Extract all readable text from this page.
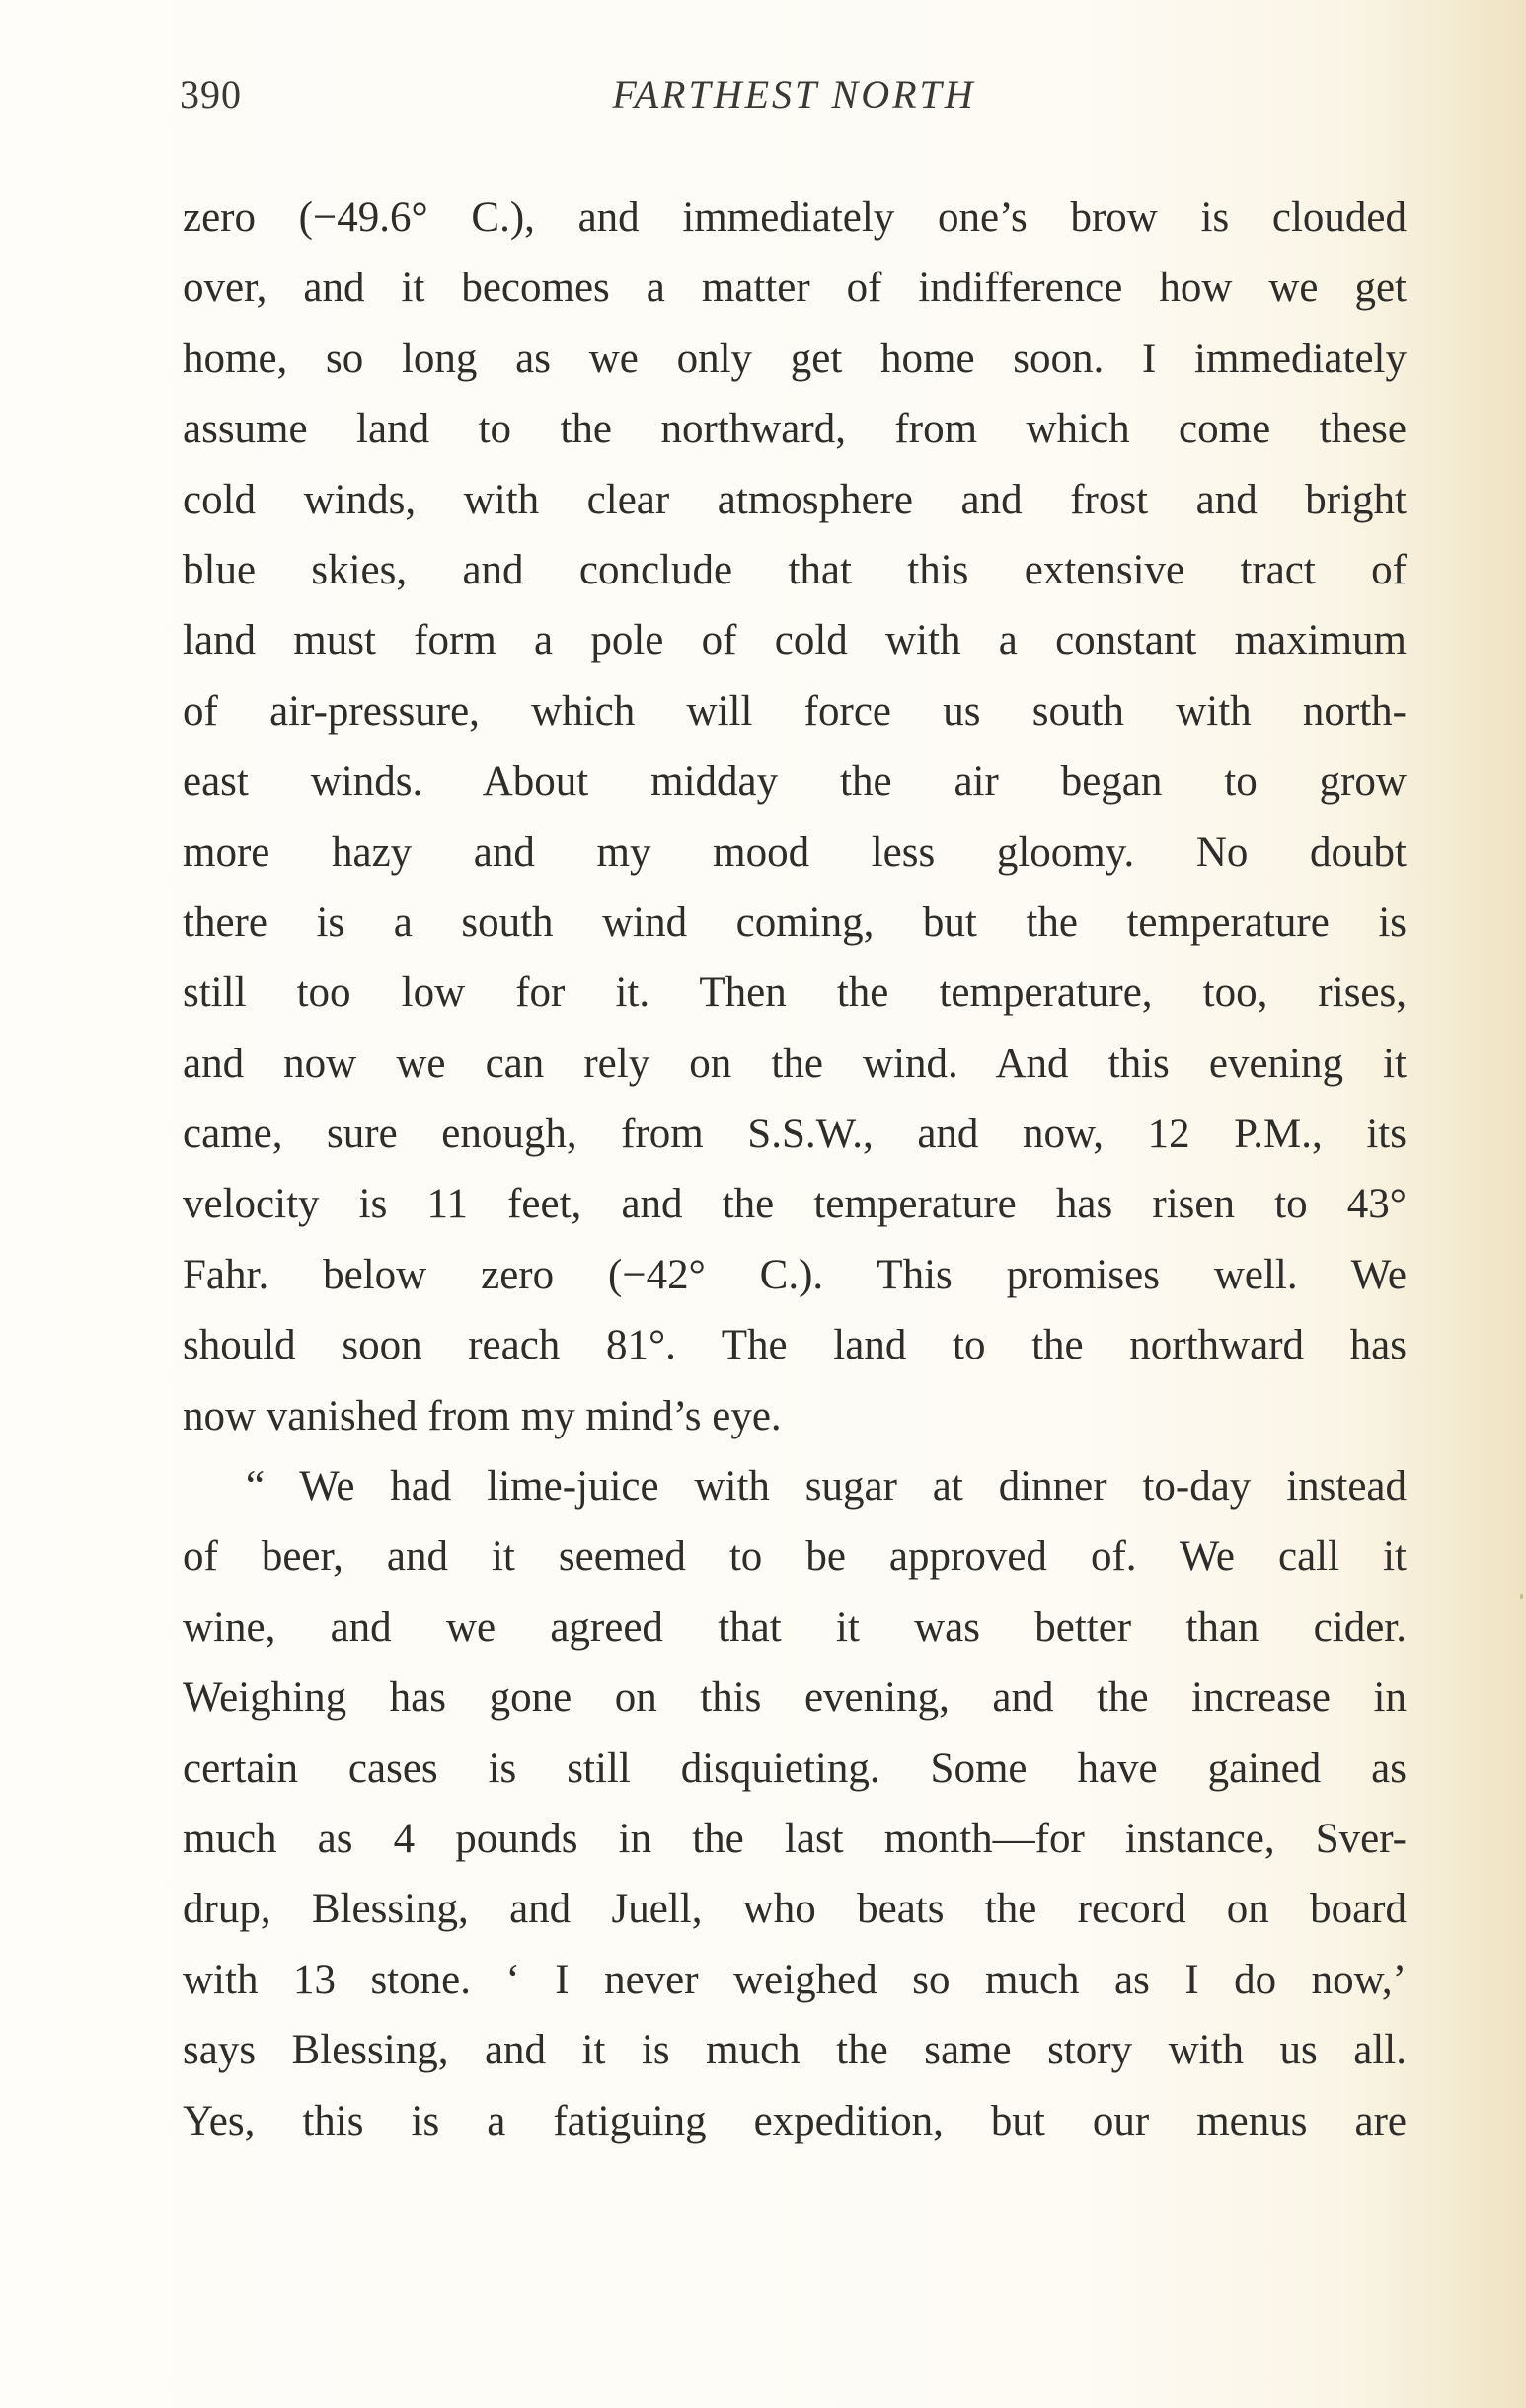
390	FARTHEST NORTH
zero (−49.6° C.), and immediately one’s brow is clouded
over, and it becomes a matter of indifference how we get
home, so long as we only get home soon. I immediately
assume land to the northward, from which come these
cold winds, with clear atmosphere and frost and bright
blue skies, and conclude that this extensive tract of
land must form a pole of cold with a constant maximum
of air-pressure, which will force us south with north-
east winds. About midday the air began to grow
more hazy and my mood less gloomy. No doubt
there is a south wind coming, but the temperature is
still too low for it. Then the temperature, too, rises,
and now we can rely on the wind. And this evening it
came, sure enough, from S.S.W., and now, 12 P.M., its
velocity is 11 feet, and the temperature has risen to 43°
Fahr. below zero (−42° C.). This promises well. We
should soon reach 81°. The land to the northward has
now vanished from my mind’s eye.
“ We had lime-juice with sugar at dinner to-day instead
of beer, and it seemed to be approved of. We call it
wine, and we agreed that it was better than cider.
Weighing has gone on this evening, and the increase in
certain cases is still disquieting. Some have gained as
much as 4 pounds in the last month—for instance, Sver-
drup, Blessing, and Juell, who beats the record on board
with 13 stone. ‘ I never weighed so much as I do now,’
says Blessing, and it is much the same story with us all.
Yes, this is a fatiguing expedition, but our menus are
